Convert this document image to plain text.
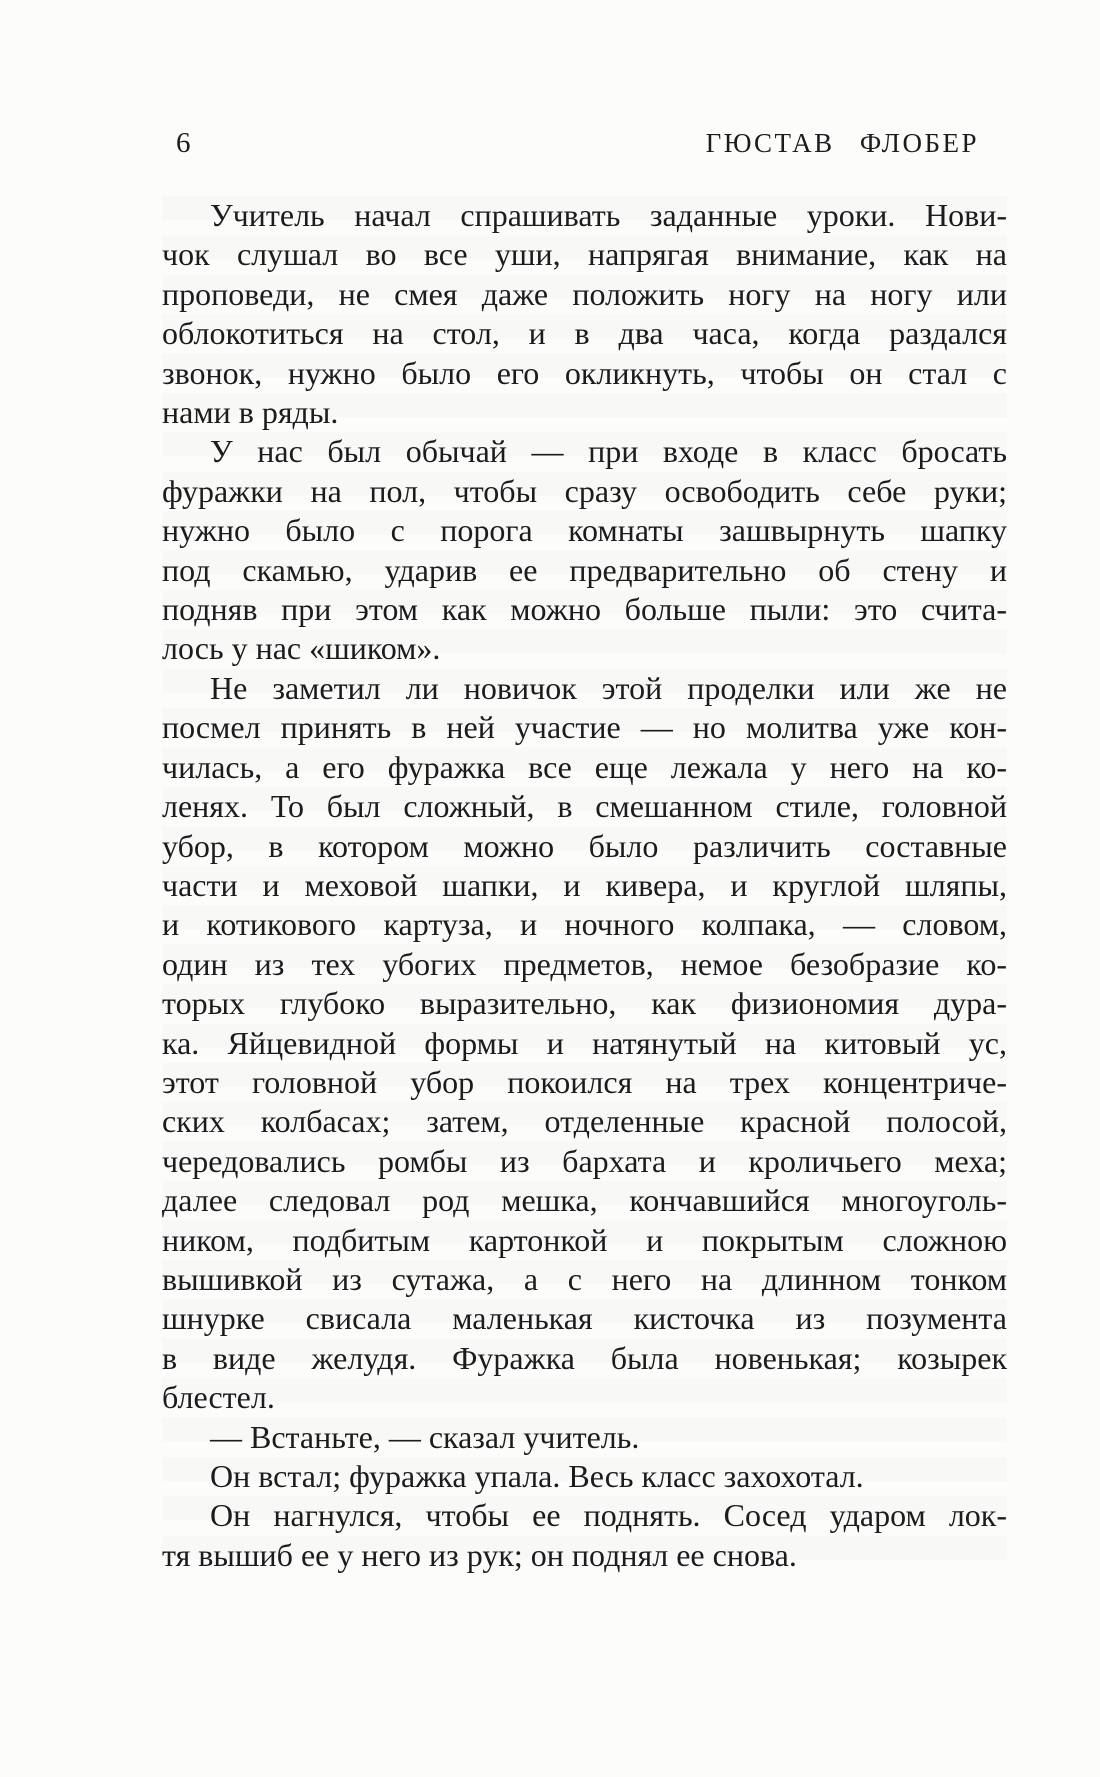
6	ГЮСТАВ ФЛОБЕР
Учитель начал спрашивать заданные уроки. Нови-
чок слушал во все уши, напрягая внимание, как на
проповеди, не смея даже положить ногу на ногу или
облокотиться на стол, и в два часа, когда раздался
звонок, нужно было его окликнуть, чтобы он стал с
нами в ряды.
У нас был обычай — при входе в класс бросать
фуражки на пол, чтобы сразу освободить себе руки;
нужно было с порога комнаты зашвырнуть шапку
под скамью, ударив ее предварительно об стену и
подняв при этом как можно больше пыли: это счита-
лось у нас «шиком».
Не заметил ли новичок этой проделки или же не
посмел принять в ней участие — но молитва уже кон-
чилась, а его фуражка все еще лежала у него на ко-
ленях. То был сложный, в смешанном стиле, головной
убор, в котором можно было различить составные
части и меховой шапки, и кивера, и круглой шляпы,
и котикового картуза, и ночного колпака, — словом,
один из тех убогих предметов, немое безобразие ко-
торых глубоко выразительно, как физиономия дура-
ка. Яйцевидной формы и натянутый на китовый ус,
этот головной убор покоился на трех концентриче-
ских колбасах; затем, отделенные красной полосой,
чередовались ромбы из бархата и кроличьего меха;
далее следовал род мешка, кончавшийся многоуголь-
ником, подбитым картонкой и покрытым сложною
вышивкой из сутажа, а с него на длинном тонком
шнурке свисала маленькая кисточка из позумента
в виде желудя. Фуражка была новенькая; козырек
блестел.
— Встаньте, — сказал учитель.
Он встал; фуражка упала. Весь класс захохотал.
Он нагнулся, чтобы ее поднять. Сосед ударом лок-
тя вышиб ее у него из рук; он поднял ее снова.
